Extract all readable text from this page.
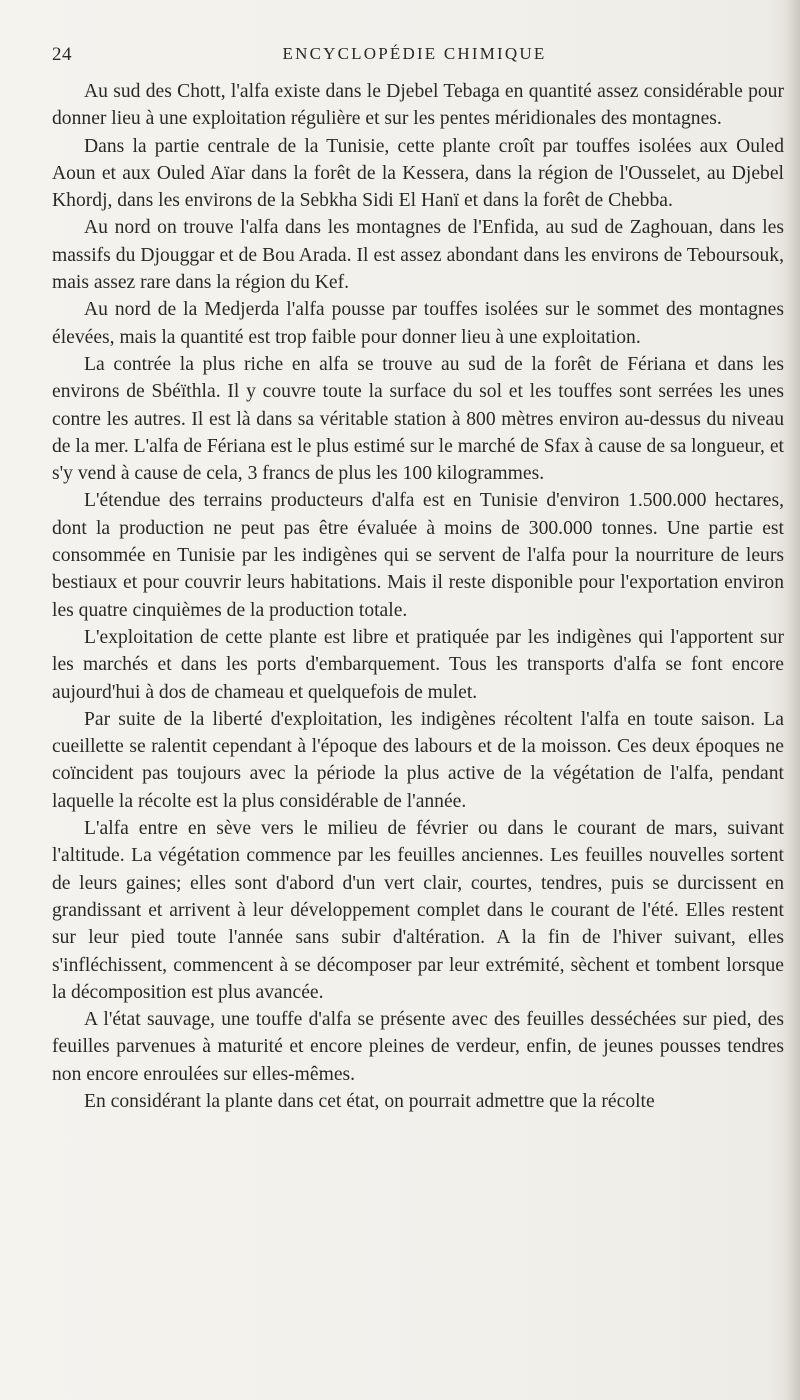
24	ENCYCLOPÉDIE CHIMIQUE

Au sud des Chott, l'alfa existe dans le Djebel Tebaga en quantité assez considérable pour donner lieu à une exploitation régulière et sur les pentes méridionales des montagnes.

Dans la partie centrale de la Tunisie, cette plante croît par touffes isolées aux Ouled Aoun et aux Ouled Aïar dans la forêt de la Kessera, dans la région de l'Ousselet, au Djebel Khordj, dans les environs de la Sebkha Sidi El Hanï et dans la forêt de Chebba.

Au nord on trouve l'alfa dans les montagnes de l'Enfida, au sud de Zaghouan, dans les massifs du Djouggar et de Bou Arada. Il est assez abondant dans les environs de Teboursouk, mais assez rare dans la région du Kef.

Au nord de la Medjerda l'alfa pousse par touffes isolées sur le sommet des montagnes élevées, mais la quantité est trop faible pour donner lieu à une exploitation.

La contrée la plus riche en alfa se trouve au sud de la forêt de Fériana et dans les environs de Sbéïthla. Il y couvre toute la surface du sol et les touffes sont serrées les unes contre les autres. Il est là dans sa véritable station à 800 mètres environ au-dessus du niveau de la mer. L'alfa de Fériana est le plus estimé sur le marché de Sfax à cause de sa longueur, et s'y vend à cause de cela, 3 francs de plus les 100 kilogrammes.

L'étendue des terrains producteurs d'alfa est en Tunisie d'environ 1.500.000 hectares, dont la production ne peut pas être évaluée à moins de 300.000 tonnes. Une partie est consommée en Tunisie par les indigènes qui se servent de l'alfa pour la nourriture de leurs bestiaux et pour couvrir leurs habitations. Mais il reste disponible pour l'exportation environ les quatre cinquièmes de la production totale.

L'exploitation de cette plante est libre et pratiquée par les indigènes qui l'apportent sur les marchés et dans les ports d'embarquement. Tous les transports d'alfa se font encore aujourd'hui à dos de chameau et quelquefois de mulet.

Par suite de la liberté d'exploitation, les indigènes récoltent l'alfa en toute saison. La cueillette se ralentit cependant à l'époque des labours et de la moisson. Ces deux époques ne coïncident pas toujours avec la période la plus active de la végétation de l'alfa, pendant laquelle la récolte est la plus considérable de l'année.

L'alfa entre en sève vers le milieu de février ou dans le courant de mars, suivant l'altitude. La végétation commence par les feuilles anciennes. Les feuilles nouvelles sortent de leurs gaines; elles sont d'abord d'un vert clair, courtes, tendres, puis se durcissent en grandissant et arrivent à leur développement complet dans le courant de l'été. Elles restent sur leur pied toute l'année sans subir d'altération. A la fin de l'hiver suivant, elles s'infléchissent, commencent à se décomposer par leur extrémité, sèchent et tombent lorsque la décomposition est plus avancée.

A l'état sauvage, une touffe d'alfa se présente avec des feuilles desséchées sur pied, des feuilles parvenues à maturité et encore pleines de verdeur, enfin, de jeunes pousses tendres non encore enroulées sur elles-mêmes.

En considérant la plante dans cet état, on pourrait admettre que la récolte
